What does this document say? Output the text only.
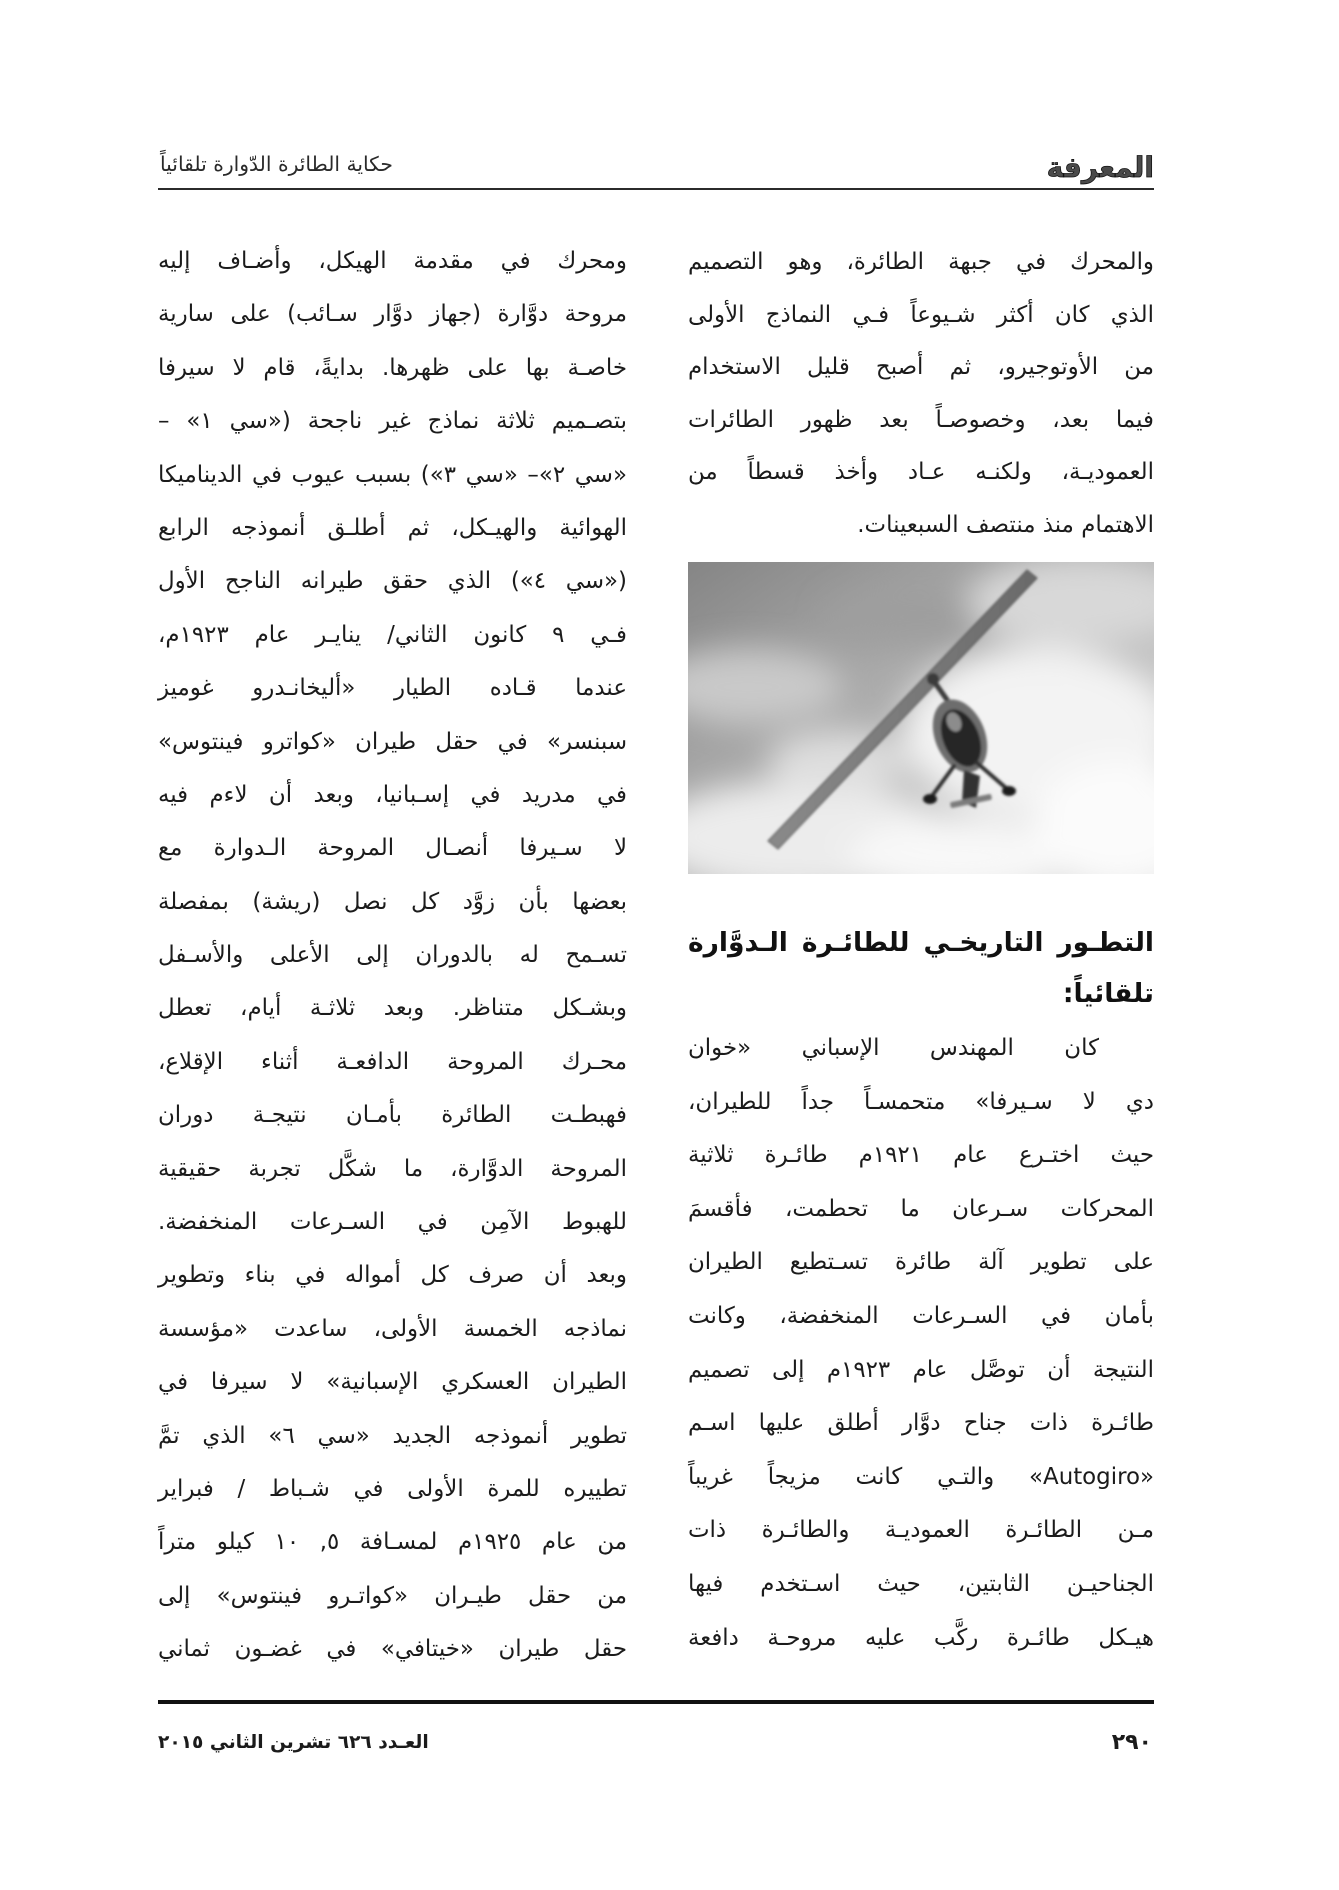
حكاية الطائرة الدّوارة تلقائياً	المعرفة
والمحرك في جبهة الطائرة، وهو التصميم
الذي كان أكثر شـيوعاً فـي النماذج الأولى
من الأوتوجيرو، ثم أصبح قليل الاستخدام
فيما بعد، وخصوصـاً بعد ظهور الطائرات
العموديـة، ولكنـه عـاد وأخذ قسطاً من
الاهتمام منذ منتصف السبعينات.
التطـور التاريخـي للطائـرة الـدوَّارة
تلقائياً:
كان المهندس الإسباني «خوان
دي لا سـيرفا» متحمسـاً جداً للطيران،
حيث اختـرع عام ١٩٢١م طائـرة ثلاثية
المحركات سـرعان ما تحطمت، فأقسمَ
على تطوير آلة طائرة تسـتطيع الطيران
بأمان في السـرعات المنخفضة، وكانت
النتيجة أن توصَّل عام ١٩٢٣م إلى تصميم
طائـرة ذات جناح دوَّار أطلق عليها اسـم
«Autogiro» والتـي كانت مزيجاً غريباً
مـن الطائـرة العموديـة والطائـرة ذات
الجناحيـن الثابتين، حيث اسـتخدم فيها
هيـكل طائـرة ركَّب عليه مروحـة دافعة
ومحرك في مقدمة الهيكل، وأضـاف إليه
مروحة دوَّارة (جهاز دوَّار سـائب) على سارية
خاصـة بها على ظهرها. بدايةً، قام لا سيرفا
بتصـميم ثلاثة نماذج غير ناجحة («سي ١» –
«سي ٢»– «سي ٣») بسبب عيوب في الديناميكا
الهوائية والهيـكل، ثم أطلـق أنموذجه الرابع
(«سي ٤») الذي حقق طيرانه الناجح الأول
فـي ٩ كانون الثاني/ ينايـر عام ١٩٢٣م،
عندما قـاده الطيار «أليخانـدرو غوميز
سبنسر» في حقل طيران «كواترو فينتوس»
في مدريد في إسـبانيا، وبعد أن لاءم فيه
لا سـيرفا أنصـال المروحة الـدوارة مع
بعضها بأن زوَّد كل نصل (ريشة) بمفصلة
تسـمح له بالدوران إلى الأعلى والأسـفل
وبشـكل متناظر. وبعد ثلاثـة أيام، تعطل
محـرك المروحة الدافعـة أثناء الإقلاع،
فهبطـت الطائرة بأمـان نتيجـة دوران
المروحة الدوَّارة، ما شكَّل تجربة حقيقية
للهبوط الآمِن في السـرعات المنخفضة.
وبعد أن صرف كل أمواله في بناء وتطوير
نماذجه الخمسة الأولى، ساعدت «مؤسسة
الطيران العسكري الإسبانية» لا سيرفا في
تطوير أنموذجه الجديد «سي ٦» الذي تمَّ
تطييره للمرة الأولى في شـباط / فبراير
من عام ١٩٢٥م لمسـافة ٥, ١٠ كيلو متراً
من حقل طيـران «كواتـرو فينتوس» إلى
حقل طيران «خيتافي» في غضـون ثماني
العـدد ٦٢٦ تشرين الثاني ٢٠١٥	٢٩٠
